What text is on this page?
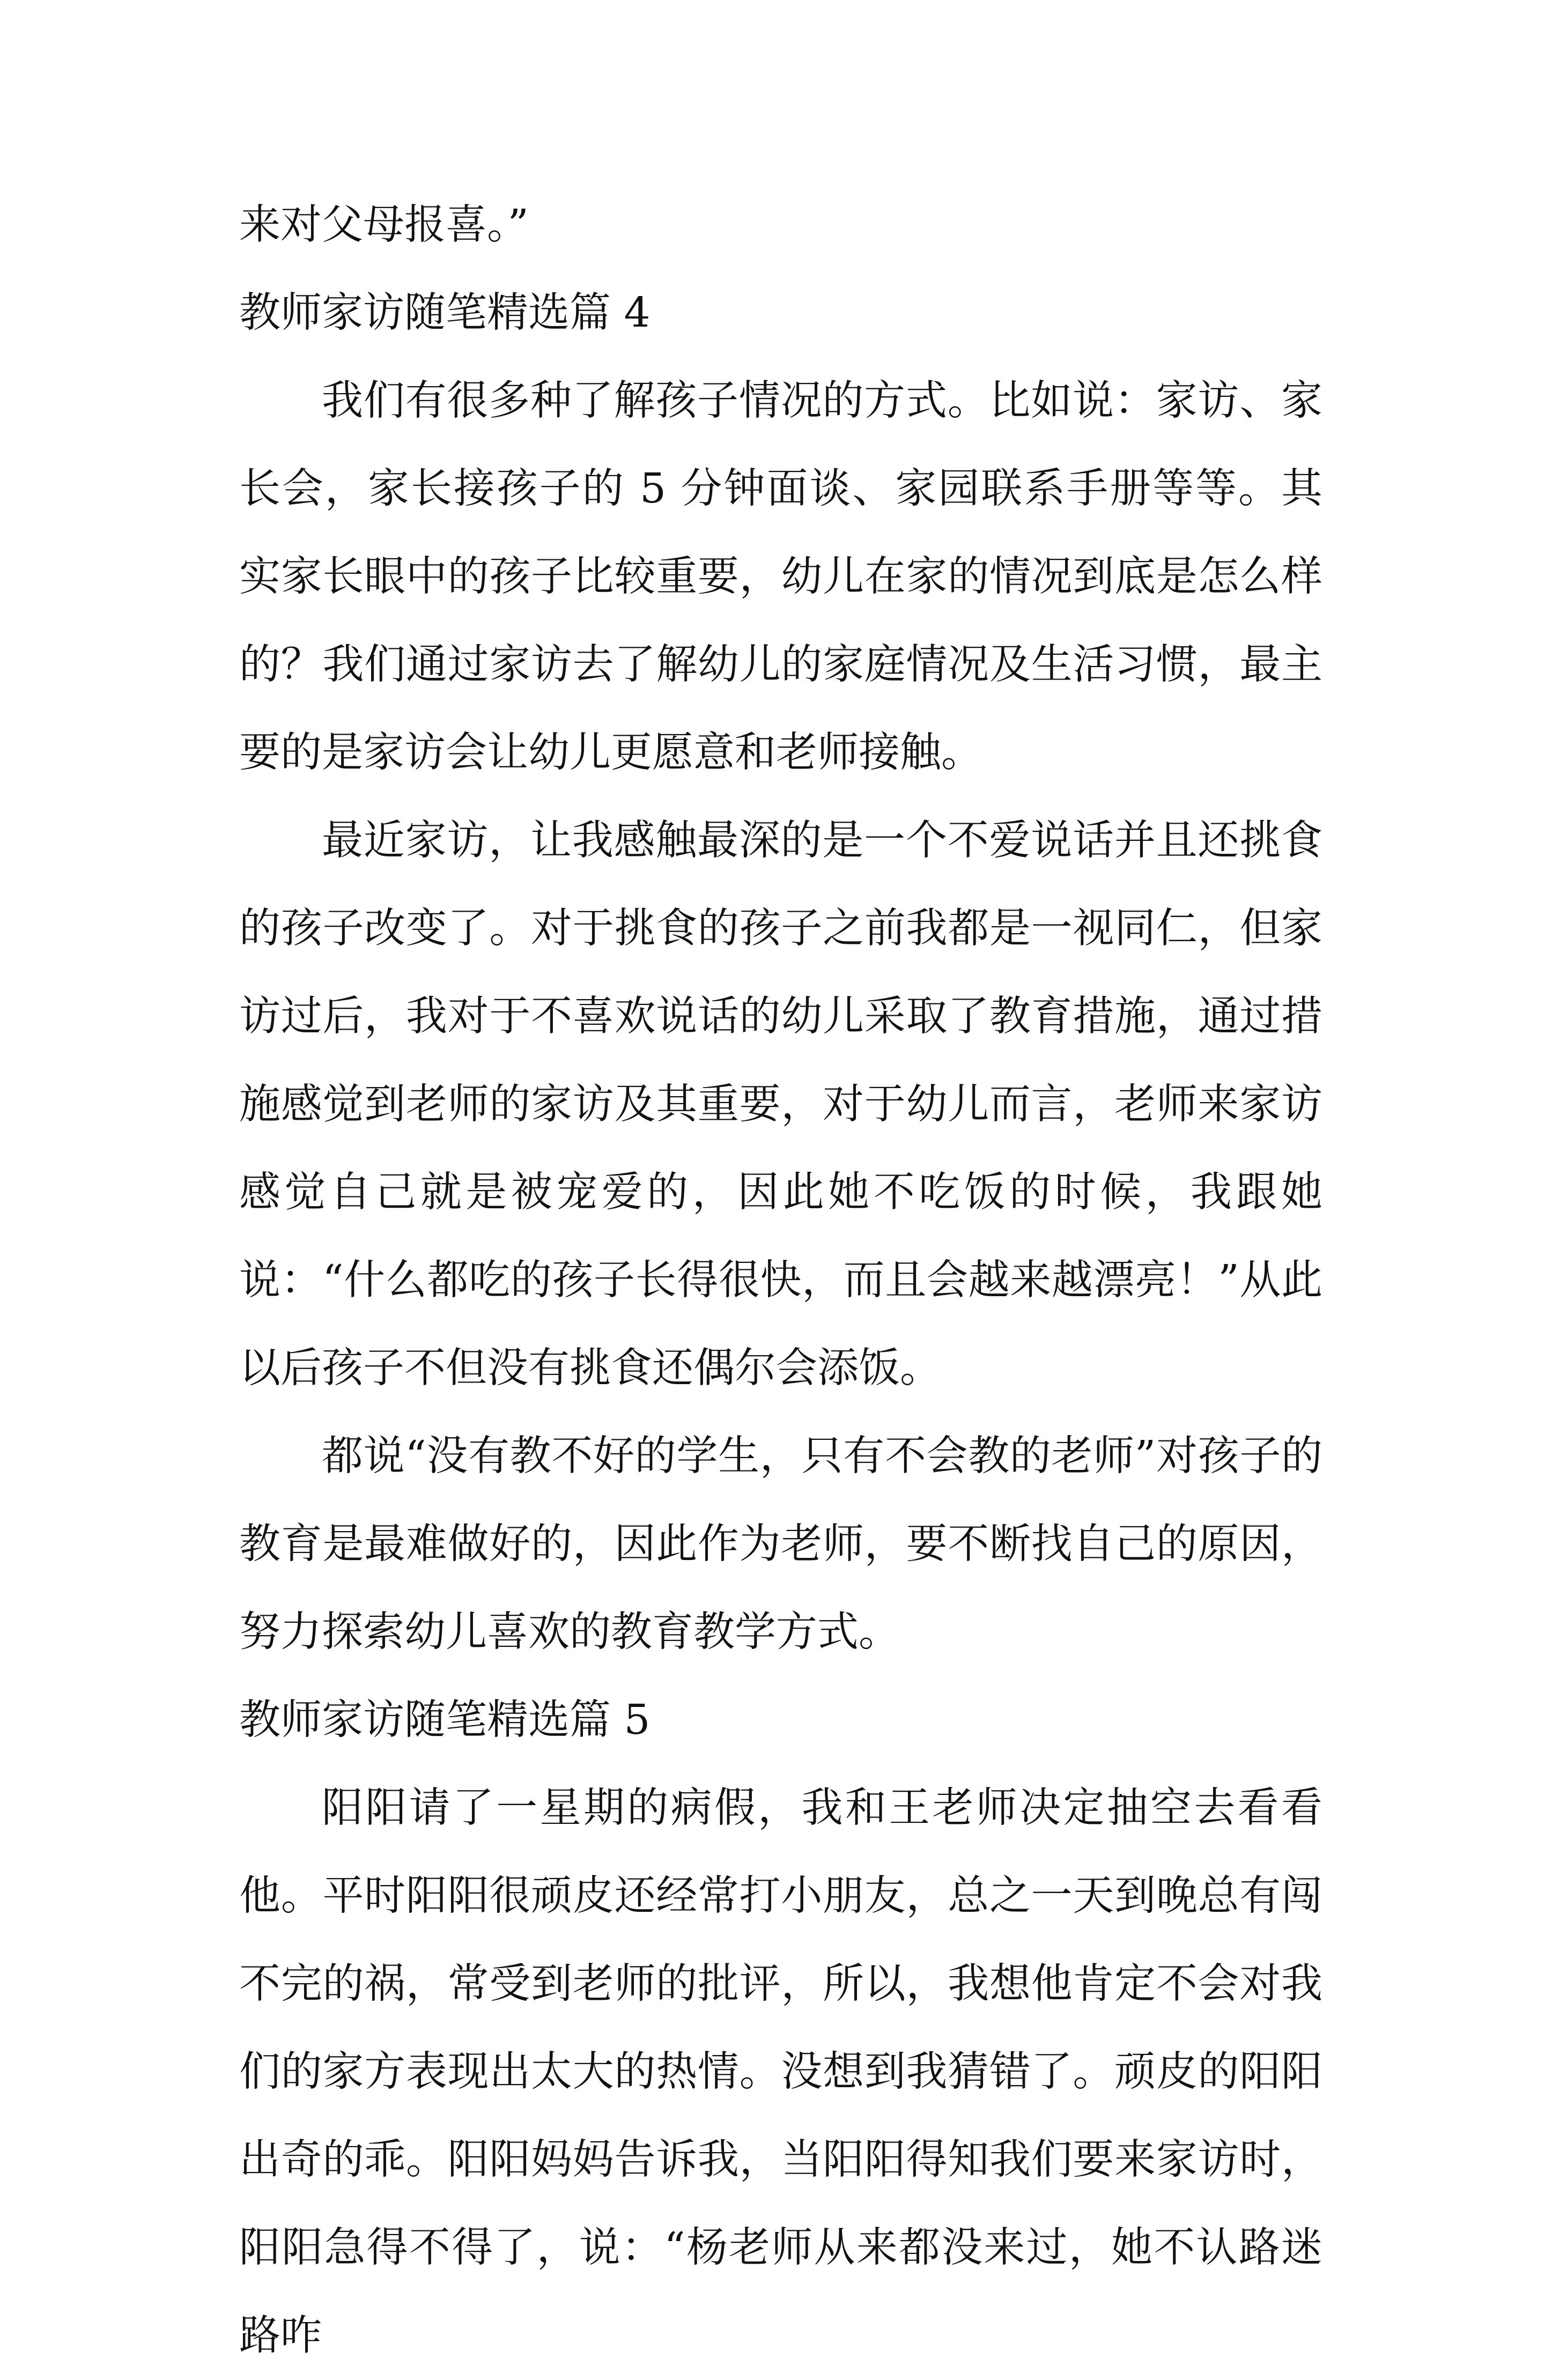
来对父母报喜。”

教师家访随笔精选篇 4

我们有很多种了解孩子情况的方式。比如说：家访、家长会，家长接孩子的 5 分钟面谈、家园联系手册等等。其实家长眼中的孩子比较重要，幼儿在家的情况到底是怎么样的？我们通过家访去了解幼儿的家庭情况及生活习惯，最主要的是家访会让幼儿更愿意和老师接触。

最近家访，让我感触最深的是一个不爱说话并且还挑食的孩子改变了。对于挑食的孩子之前我都是一视同仁，但家访过后，我对于不喜欢说话的幼儿采取了教育措施，通过措施感觉到老师的家访及其重要，对于幼儿而言，老师来家访感觉自己就是被宠爱的，因此她不吃饭的时候，我跟她说：“什么都吃的孩子长得很快，而且会越来越漂亮！”从此以后孩子不但没有挑食还偶尔会添饭。

都说“没有教不好的学生，只有不会教的老师”对孩子的教育是最难做好的，因此作为老师，要不断找自己的原因，努力探索幼儿喜欢的教育教学方式。

教师家访随笔精选篇 5

阳阳请了一星期的病假，我和王老师决定抽空去看看他。平时阳阳很顽皮还经常打小朋友，总之一天到晚总有闯不完的祸，常受到老师的批评，所以，我想他肯定不会对我们的家方表现出太大的热情。没想到我猜错了。顽皮的阳阳出奇的乖。阳阳妈妈告诉我，当阳阳得知我们要来家访时，阳阳急得不得了，说：“杨老师从来都没来过，她不认路迷路咋
